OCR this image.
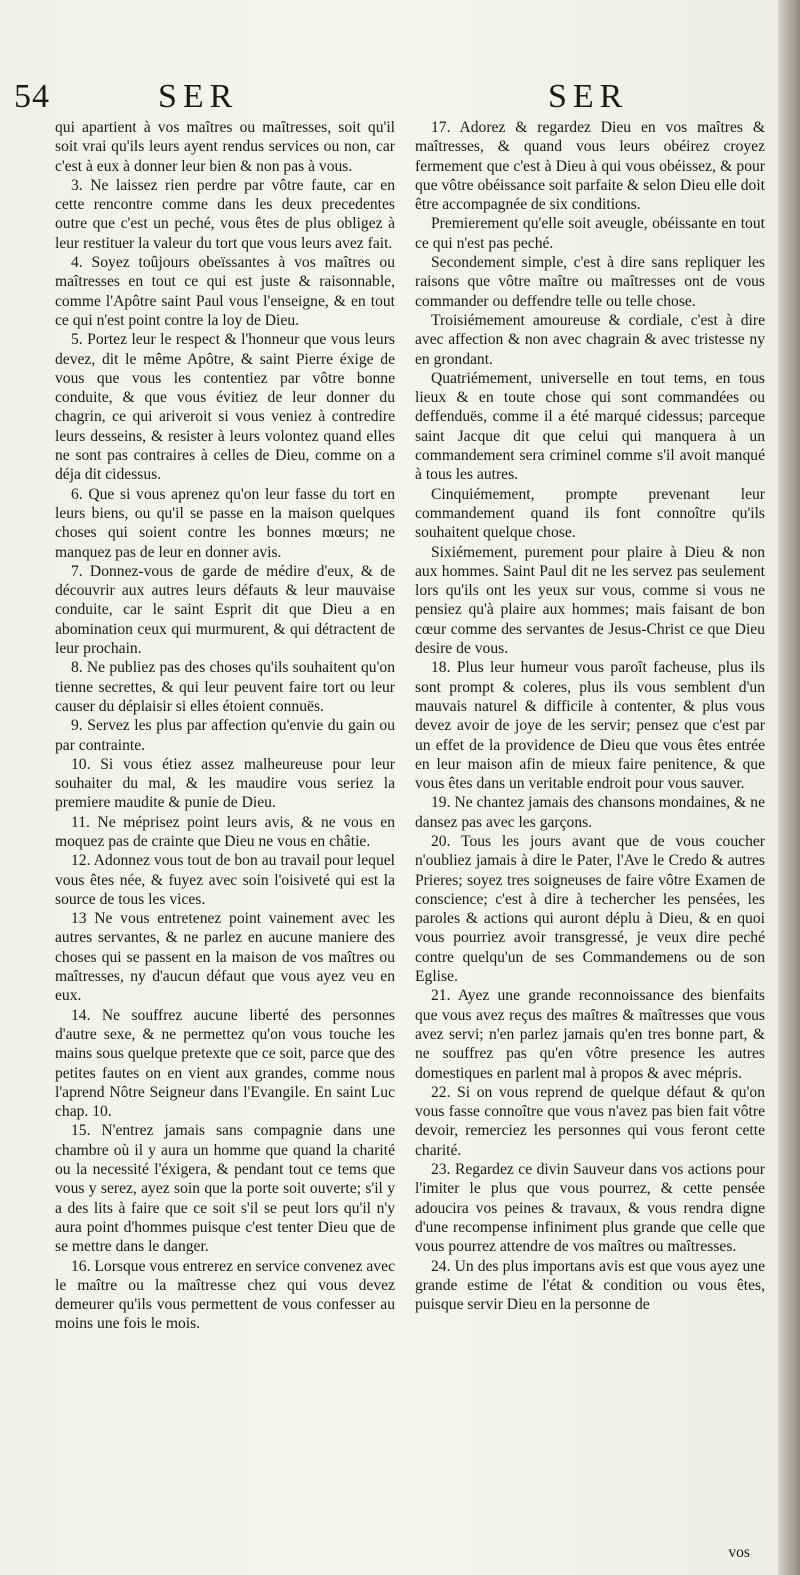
54	SER	SER

qui apartient à vos maîtres ou maîtresses, soit qu'il soit vrai qu'ils leurs ayent rendus services ou non, car c'est à eux à donner leur bien & non pas à vous.

3. Ne laissez rien perdre par vôtre faute, car en cette rencontre comme dans les deux precedentes outre que c'est un peché, vous êtes de plus obligez à leur restituer la valeur du tort que vous leurs avez fait.

4. Soyez toûjours obeïssantes à vos maîtres ou maîtresses en tout ce qui est juste & raisonnable, comme l'Apôtre saint Paul vous l'enseigne, & en tout ce qui n'est point contre la loy de Dieu.

5. Portez leur le respect & l'honneur que vous leurs devez, dit le même Apôtre, & saint Pierre éxige de vous que vous les contentiez par vôtre bonne conduite, & que vous évitiez de leur donner du chagrin, ce qui ariveroit si vous veniez à contredire leurs desseins, & resister à leurs volontez quand elles ne sont pas contraires à celles de Dieu, comme on a déja dit cidessus.

6. Que si vous aprenez qu'on leur fasse du tort en leurs biens, ou qu'il se passe en la maison quelques choses qui soient contre les bonnes mœurs; ne manquez pas de leur en donner avis.

7. Donnez-vous de garde de médire d'eux, & de découvrir aux autres leurs défauts & leur mauvaise conduite, car le saint Esprit dit que Dieu a en abomination ceux qui murmurent, & qui détractent de leur prochain.

8. Ne publiez pas des choses qu'ils souhaitent qu'on tienne secrettes, & qui leur peuvent faire tort ou leur causer du déplaisir si elles étoient connuës.

9. Servez les plus par affection qu'envie du gain ou par contrainte.

10. Si vous étiez assez malheureuse pour leur souhaiter du mal, & les maudire vous seriez la premiere maudite & punie de Dieu.

11. Ne méprisez point leurs avis, & ne vous en moquez pas de crainte que Dieu ne vous en châtie.

12. Adonnez vous tout de bon au travail pour lequel vous êtes née, & fuyez avec soin l'oisiveté qui est la source de tous les vices.

13 Ne vous entretenez point vainement avec les autres servantes, & ne parlez en aucune maniere des choses qui se passent en la maison de vos maîtres ou maîtresses, ny d'aucun défaut que vous ayez veu en eux.

14. Ne souffrez aucune liberté des personnes d'autre sexe, & ne permettez qu'on vous touche les mains sous quelque pretexte que ce soit, parce que des petites fautes on en vient aux grandes, comme nous l'aprend Nôtre Seigneur dans l'Evangile. En saint Luc chap. 10.

15. N'entrez jamais sans compagnie dans une chambre où il y aura un homme que quand la charité ou la necessité l'éxigera, & pendant tout ce tems que vous y serez, ayez soin que la porte soit ouverte; s'il y a des lits à faire que ce soit s'il se peut lors qu'il n'y aura point d'hommes puisque c'est tenter Dieu que de se mettre dans le danger.

16. Lorsque vous entrerez en service convenez avec le maître ou la maîtresse chez qui vous devez demeurer qu'ils vous permettent de vous confesser au moins une fois le mois.

17. Adorez & regardez Dieu en vos maîtres & maîtresses, & quand vous leurs obéirez croyez fermement que c'est à Dieu à qui vous obéissez, & pour que vôtre obéissance soit parfaite & selon Dieu elle doit être accompagnée de six conditions.

Premierement qu'elle soit aveugle, obéissante en tout ce qui n'est pas peché.

Secondement simple, c'est à dire sans repliquer les raisons que vôtre maître ou maîtresses ont de vous commander ou deffendre telle ou telle chose.

Troisiémement amoureuse & cordiale, c'est à dire avec affection & non avec chagrain & avec tristesse ny en grondant.

Quatriémement, universelle en tout tems, en tous lieux & en toute chose qui sont commandées ou deffenduës, comme il a été marqué cidessus; parceque saint Jacque dit que celui qui manquera à un commandement sera criminel comme s'il avoit manqué à tous les autres.

Cinquiémement, prompte prevenant leur commandement quand ils font connoître qu'ils souhaitent quelque chose.

Sixiémement, purement pour plaire à Dieu & non aux hommes. Saint Paul dit ne les servez pas seulement lors qu'ils ont les yeux sur vous, comme si vous ne pensiez qu'à plaire aux hommes; mais faisant de bon cœur comme des servantes de Jesus-Christ ce que Dieu desire de vous.

18. Plus leur humeur vous paroît facheuse, plus ils sont prompt & coleres, plus ils vous semblent d'un mauvais naturel & difficile à contenter, & plus vous devez avoir de joye de les servir; pensez que c'est par un effet de la providence de Dieu que vous êtes entrée en leur maison afin de mieux faire penitence, & que vous êtes dans un veritable endroit pour vous sauver.

19. Ne chantez jamais des chansons mondaines, & ne dansez pas avec les garçons.

20. Tous les jours avant que de vous coucher n'oubliez jamais à dire le Pater, l'Ave le Credo & autres Prieres; soyez tres soigneuses de faire vôtre Examen de conscience; c'est à dire à techercher les pensées, les paroles & actions qui auront déplu à Dieu, & en quoi vous pourriez avoir transgressé, je veux dire peché contre quelqu'un de ses Commandemens ou de son Eglise.

21. Ayez une grande reconnoissance des bienfaits que vous avez reçus des maîtres & maîtresses que vous avez servi; n'en parlez jamais qu'en tres bonne part, & ne souffrez pas qu'en vôtre presence les autres domestiques en parlent mal à propos & avec mépris.

22. Si on vous reprend de quelque défaut & qu'on vous fasse connoître que vous n'avez pas bien fait vôtre devoir, remerciez les personnes qui vous feront cette charité.

23. Regardez ce divin Sauveur dans vos actions pour l'imiter le plus que vous pourrez, & cette pensée adoucira vos peines & travaux, & vous rendra digne d'une recompense infiniment plus grande que celle que vous pourrez attendre de vos maîtres ou maîtresses.

24. Un des plus importans avis est que vous ayez une grande estime de l'état & condition ou vous êtes, puisque servir Dieu en la personne de

vos
